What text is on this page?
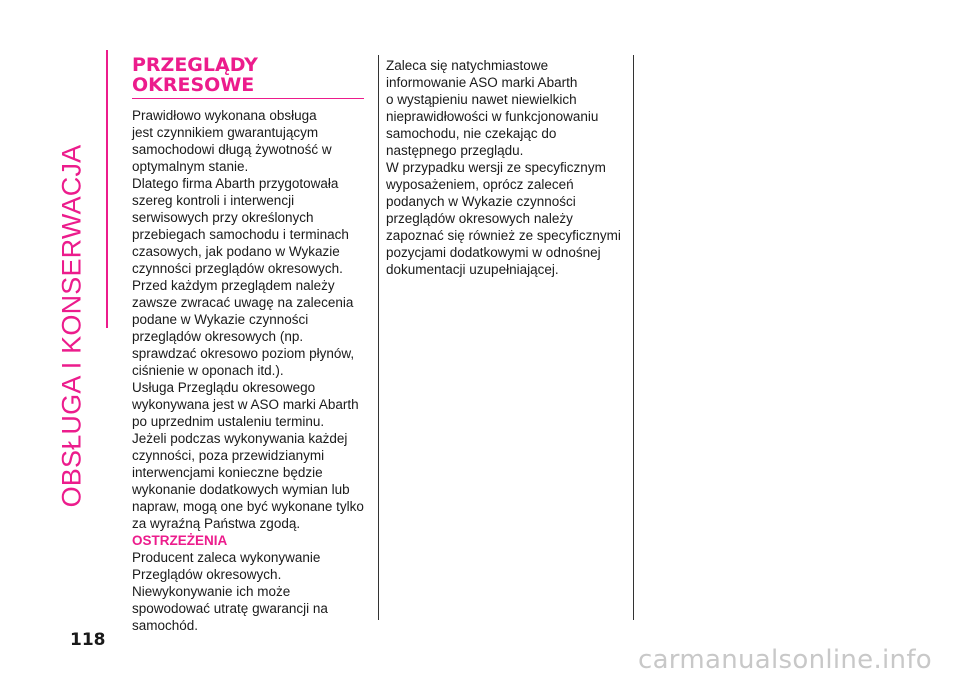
OBSŁUGA I KONSERWACJA
PRZEGLĄDY
OKRESOWE

Prawidłowo wykonana obsługa
jest czynnikiem gwarantującym
samochodowi długą żywotność w
optymalnym stanie.

Dlatego firma Abarth przygotowała
szereg kontroli i interwencji
serwisowych przy określonych
przebiegach samochodu i terminach
czasowych, jak podano w Wykazie
czynności przeglądów okresowych.

Przed każdym przeglądem należy
zawsze zwracać uwagę na zalecenia
podane w Wykazie czynności
przeglądów okresowych (np.
sprawdzać okresowo poziom płynów,
ciśnienie w oponach itd.).

Usługa Przeglądu okresowego
wykonywana jest w ASO marki Abarth
po uprzednim ustaleniu terminu.

Jeżeli podczas wykonywania każdej
czynności, poza przewidzianymi
interwencjami konieczne będzie
wykonanie dodatkowych wymian lub
napraw, mogą one być wykonane tylko
za wyraźną Państwa zgodą.

OSTRZEŻENIA

Producent zaleca wykonywanie
Przeglądów okresowych.
Niewykonywanie ich może
spowodować utratę gwarancji na
samochód.

Zaleca się natychmiastowe
informowanie ASO marki Abarth
o wystąpieniu nawet niewielkich
nieprawidłowości w funkcjonowaniu
samochodu, nie czekając do
następnego przeglądu.

W przypadku wersji ze specyficznym
wyposażeniem, oprócz zaleceń
podanych w Wykazie czynności
przeglądów okresowych należy
zapoznać się również ze specyficznymi
pozycjami dodatkowymi w odnośnej
dokumentacji uzupełniającej.

118
carmanualsonline.info
